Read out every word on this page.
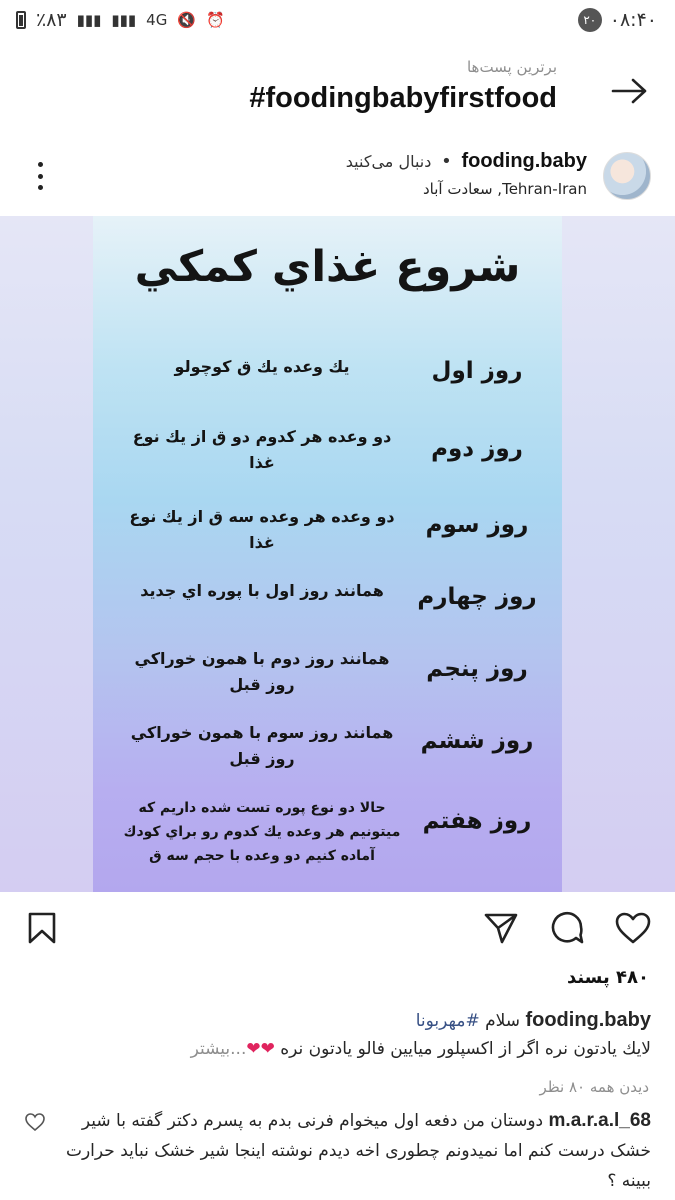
٪۸۳ ▮▮▮ ▮▮▮ 4G 🔇 ⏰	۲۰ ۰۸:۴۰
برترین پست‌ها
#foodingbabyfirstfood
fooding.baby • دنبال می‌کنید
Tehran-Iran, سعادت آباد
شروع غذاي كمكي
روز اول
يك وعده يك ق كوچولو
روز دوم
دو وعده هر كدوم دو ق از يك نوع غذا
روز سوم
دو وعده هر وعده سه ق از يك نوع غذا
روز چهارم
همانند روز اول با پوره اي جديد
روز پنجم
همانند روز دوم با همون خوراكي روز قبل
روز ششم
همانند روز سوم با همون خوراكي روز قبل
روز هفتم
حالا دو نوع پوره تست شده داريم كه ميتونيم هر وعده يك كدوم رو براي كودك آماده كنيم دو وعده با حجم سه ق
۴۸۰ پسند
fooding.baby سلام #مهربونا
لايك يادتون نره اگر از اكسپلور ميايين فالو يادتون نره ❤❤...بیشتر
دیدن همه ۸۰ نظر
m.a.r.a.l_68 دوستان من دفعه اول میخوام فرنی بدم به پسرم دکتر گفته با شیر خشک درست کنم اما نمیدونم چطوری اخه دیدم نوشته اینجا شیر خشک نباید حرارت ببینه ؟
